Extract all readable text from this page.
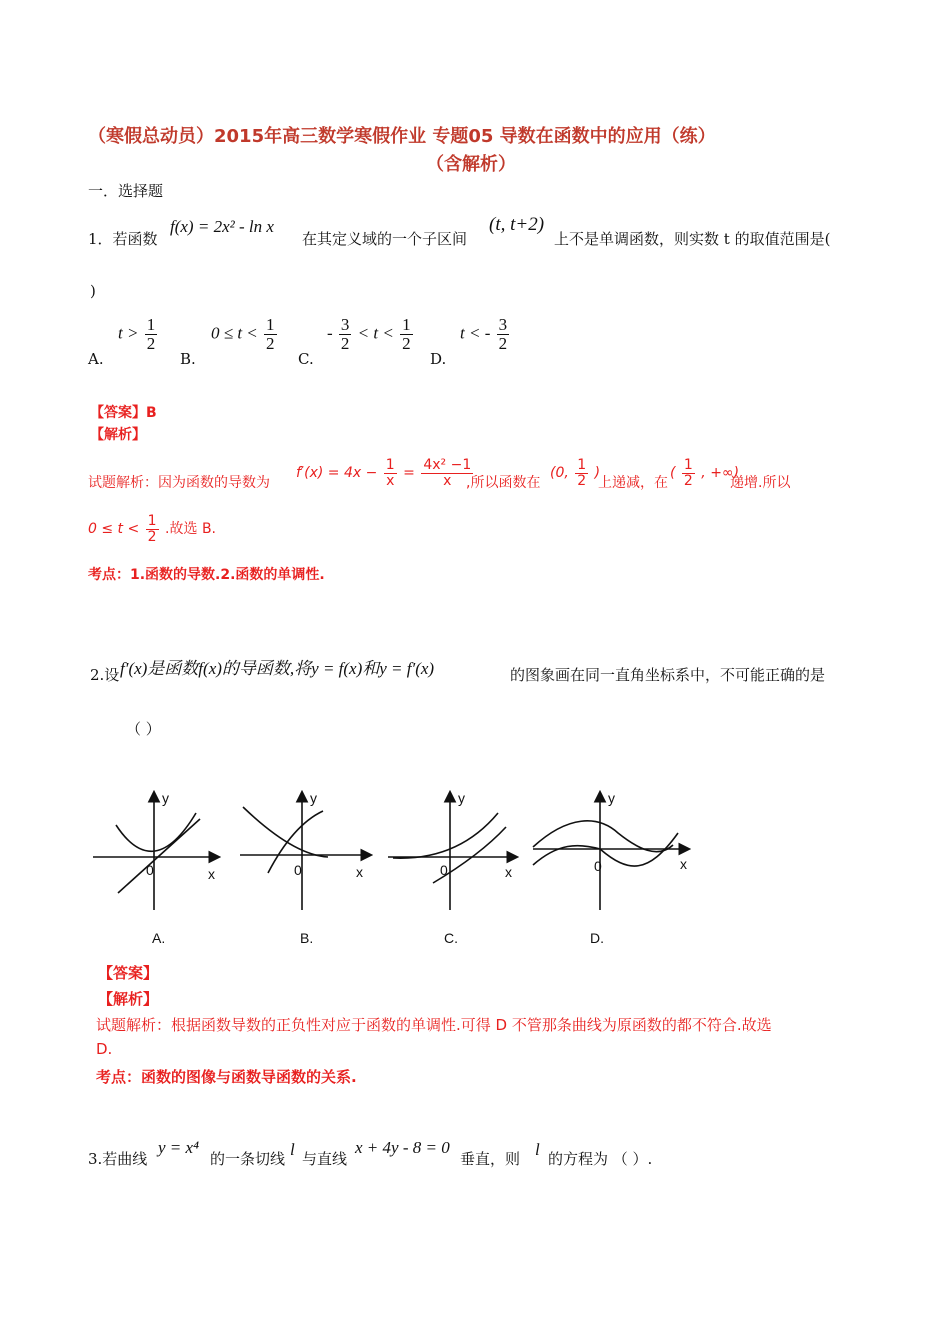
（寒假总动员）2015年高三数学寒假作业 专题05 导数在函数中的应用（练）
（含解析）
一．选择题
1．若函数
f(x) = 2x² - ln x
在其定义域的一个子区间
(t, t+2)
上不是单调函数，则实数 t 的取值范围是(
)
A.
$t > \frac{1}{2}$
B.
$0 \le t < \frac{1}{2}$
C.
- $\frac{3}{2} < t < \frac{1}{2}$
D.
t < - $\frac{3}{2}$
【答案】B
【解析】
试题解析：因为函数的导数为
$f'(x) = 4x - \frac{1}{x} = \frac{\text{4x² −1}}{x}$
,所以函数在
(0, $\frac{1}{2}$ )
上递减，在
( $\frac{1}{2}$ , +∞)
递增.所以
$0 \le t < \frac{1}{2}$ .故选 B.
考点：1.函数的导数.2.函数的单调性.
2.设 f′(x)是函数f(x)的导函数,将y = f(x)和y = f′(x)	的图象画在同一直角坐标系中，不可能正确的是
（ ）
y
x
0
y
x
0
y
x
0
y
x
0
A.	B.	C.	D.
【答案】
【解析】
试题解析：根据函数导数的正负性对应于函数的单调性.可得 D 不管那条曲线为原函数的都不符合.故选
D.
考点：函数的图像与函数导函数的关系.
3.若曲线
y = x⁴
的一条切线 l 与直线
x + 4y - 8 = 0
垂直，则 l 的方程为 （ ）.
